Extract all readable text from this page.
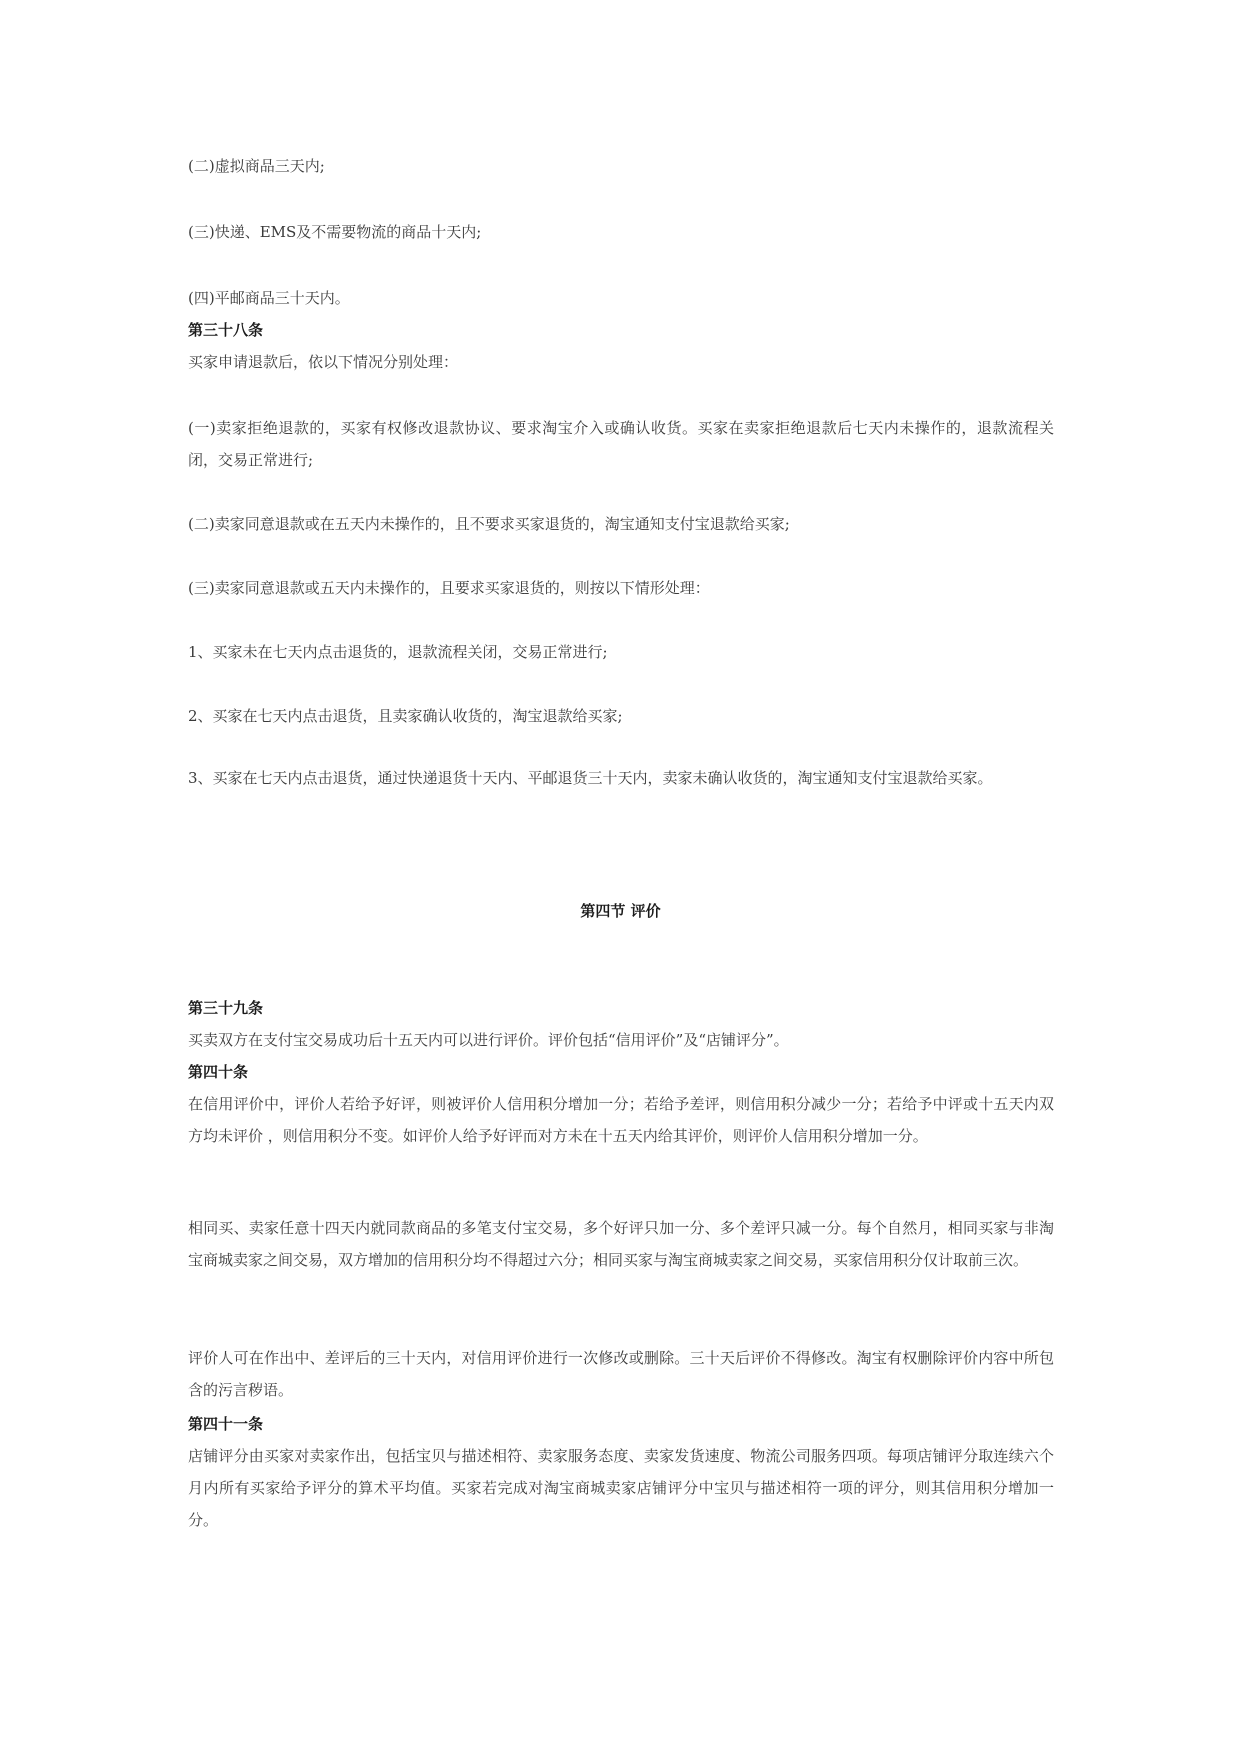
(二)虚拟商品三天内;

(三)快递、EMS及不需要物流的商品十天内;

(四)平邮商品三十天内。

第三十八条

买家申请退款后，依以下情况分别处理：

(一)卖家拒绝退款的，买家有权修改退款协议、要求淘宝介入或确认收货。买家在卖家拒绝退款后七天内未操作的，退款流程关闭，交易正常进行;

(二)卖家同意退款或在五天内未操作的，且不要求买家退货的，淘宝通知支付宝退款给买家;

(三)卖家同意退款或五天内未操作的，且要求买家退货的，则按以下情形处理：

1、买家未在七天内点击退货的，退款流程关闭，交易正常进行;

2、买家在七天内点击退货，且卖家确认收货的，淘宝退款给买家;

3、买家在七天内点击退货，通过快递退货十天内、平邮退货三十天内，卖家未确认收货的，淘宝通知支付宝退款给买家。

第四节 评价

第三十九条

买卖双方在支付宝交易成功后十五天内可以进行评价。评价包括“信用评价”及“店铺评分”。

第四十条

在信用评价中，评价人若给予好评，则被评价人信用积分增加一分；若给予差评，则信用积分减少一分；若给予中评或十五天内双方均未评价 ，则信用积分不变。如评价人给予好评而对方未在十五天内给其评价，则评价人信用积分增加一分。

相同买、卖家任意十四天内就同款商品的多笔支付宝交易，多个好评只加一分、多个差评只减一分。每个自然月，相同买家与非淘宝商城卖家之间交易，双方增加的信用积分均不得超过六分；相同买家与淘宝商城卖家之间交易，买家信用积分仅计取前三次。

评价人可在作出中、差评后的三十天内，对信用评价进行一次修改或删除。三十天后评价不得修改。淘宝有权删除评价内容中所包含的污言秽语。

第四十一条

店铺评分由买家对卖家作出，包括宝贝与描述相符、卖家服务态度、卖家发货速度、物流公司服务四项。每项店铺评分取连续六个月内所有买家给予评分的算术平均值。买家若完成对淘宝商城卖家店铺评分中宝贝与描述相符一项的评分，则其信用积分增加一分。
